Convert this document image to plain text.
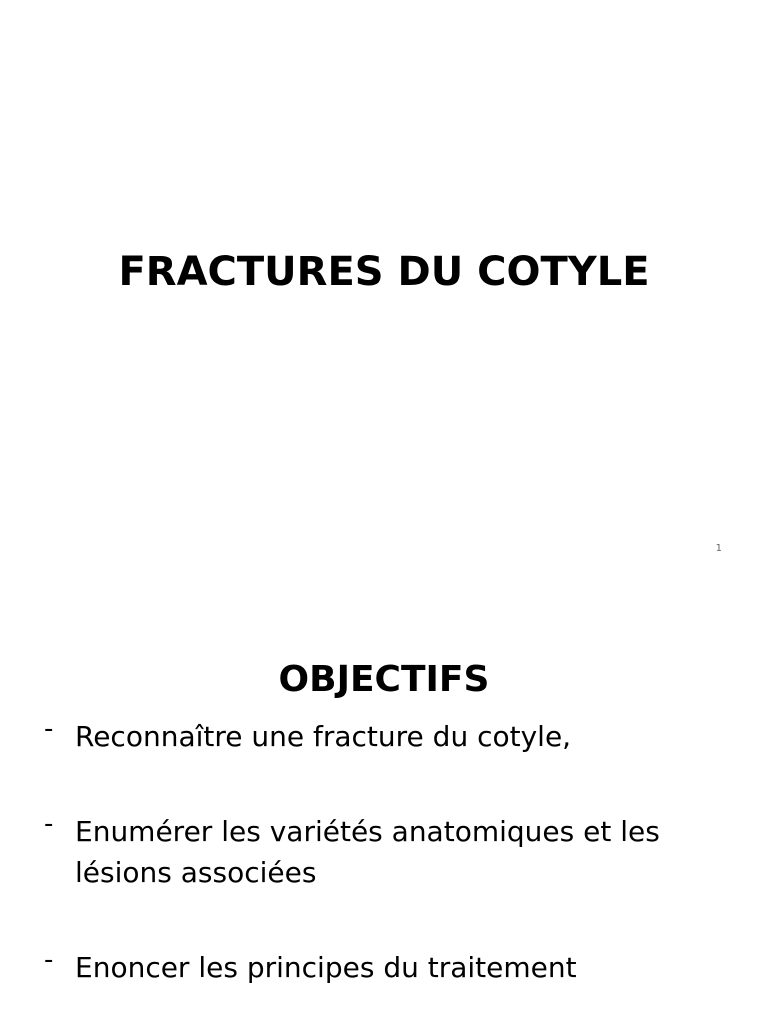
FRACTURES DU COTYLE
1
OBJECTIFS
- Reconnaître une fracture du cotyle,
- Enumérer les variétés anatomiques et les lésions associées
- Enoncer les principes du traitement
